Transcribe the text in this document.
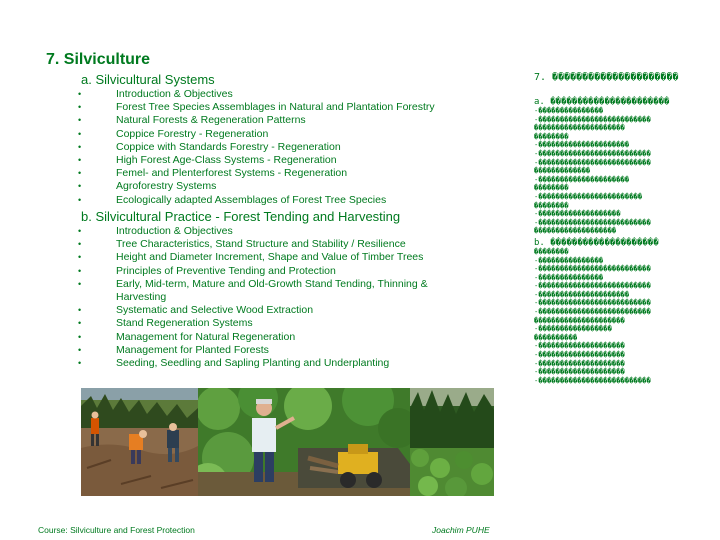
7. Silviculture
a. Silvicultural Systems
• Introduction & Objectives
• Forest Tree Species Assemblages in Natural and Plantation Forestry
• Natural Forests & Regeneration Patterns
• Coppice Forestry - Regeneration
• Coppice with Standards Forestry - Regeneration
• High Forest Age-Class Systems - Regeneration
• Femel- and Plenterforest Systems - Regeneration
• Agroforestry Systems
• Ecologically adapted Assemblages of Forest Tree Species
b. Silvicultural Practice - Forest Tending and Harvesting
• Introduction & Objectives
• Tree Characteristics, Stand Structure and Stability / Resilience
• Height and Diameter Increment, Shape and Value of Timber Trees
• Principles of Preventive Tending and Protection
• Early, Mid-term, Mature and Old-Growth Stand Tending, Thinning & Harvesting
• Systematic and Selective Wood Extraction
• Stand Regeneration Systems
• Management for Natural Regeneration
• Management for Planted Forests
• Seeding, Seedling and Sapling Planting and Underplanting
Course: Silviculture and Forest Protection	Joachim PUHE
7. ���������������������
a. ����������������������
-���������������
-��������������������������
���������������������
��������
-���������������������
-��������������������������
-��������������������������
�������������
-���������������������
��������
-������������������������
��������
-�������������������
-��������������������������
�������������������
b. ��������������������
��������
-���������������
-��������������������������
-���������������
-��������������������������
-���������������������
-��������������������������
-��������������������������
���������������������
-�����������������
����������
-��������������������
-��������������������
-��������������������
-��������������������
-��������������������������
